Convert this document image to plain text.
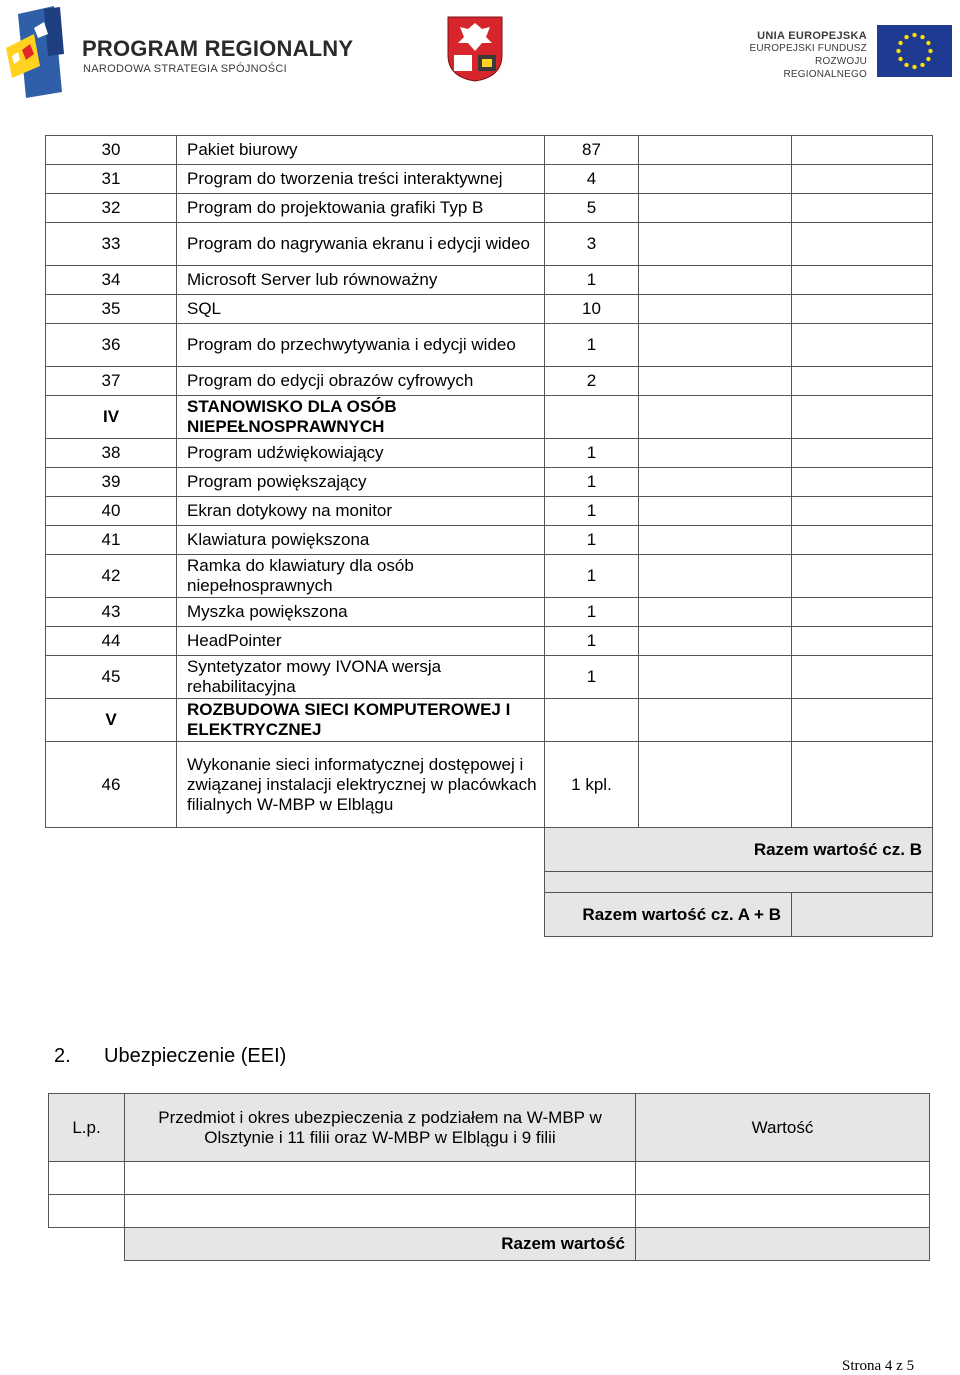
PROGRAM REGIONALNY
NARODOWA STRATEGIA SPÓJNOŚCI
UNIA EUROPEJSKA
EUROPEJSKI FUNDUSZ
ROZWOJU REGIONALNEGO
30	Pakiet biurowy	87		
31	Program do tworzenia treści interaktywnej	4		
32	Program do projektowania grafiki Typ B	5		
33	Program do nagrywania ekranu i edycji wideo	3		
34	Microsoft Server lub równoważny	1		
35	SQL	10		
36	Program do przechwytywania i edycji wideo	1		
37	Program do edycji obrazów cyfrowych	2		
IV	STANOWISKO DLA OSÓB NIEPEŁNOSPRAWNYCH			
38	Program udźwiękowiający	1		
39	Program powiększający	1		
40	Ekran dotykowy na monitor	1		
41	Klawiatura powiększona	1		
42	Ramka do klawiatury dla osób niepełnosprawnych	1		
43	Myszka powiększona	1		
44	HeadPointer	1		
45	Syntetyzator mowy IVONA wersja rehabilitacyjna	1		
V	ROZBUDOWA SIECI KOMPUTEROWEJ I ELEKTRYCZNEJ			
46	Wykonanie sieci informatycznej dostępowej i związanej instalacji elektrycznej w placówkach filialnych W-MBP w Elblągu	1 kpl.		
Razem wartość cz. B

Razem wartość cz. A + B	
2. Ubezpieczenie (EEI)
L.p.	Przedmiot i okres ubezpieczenia z podziałem na W-MBP w Olsztynie i 11 filii oraz W-MBP w Elblągu i 9 filii	Wartość

	Razem wartość	
Strona 4 z 5
